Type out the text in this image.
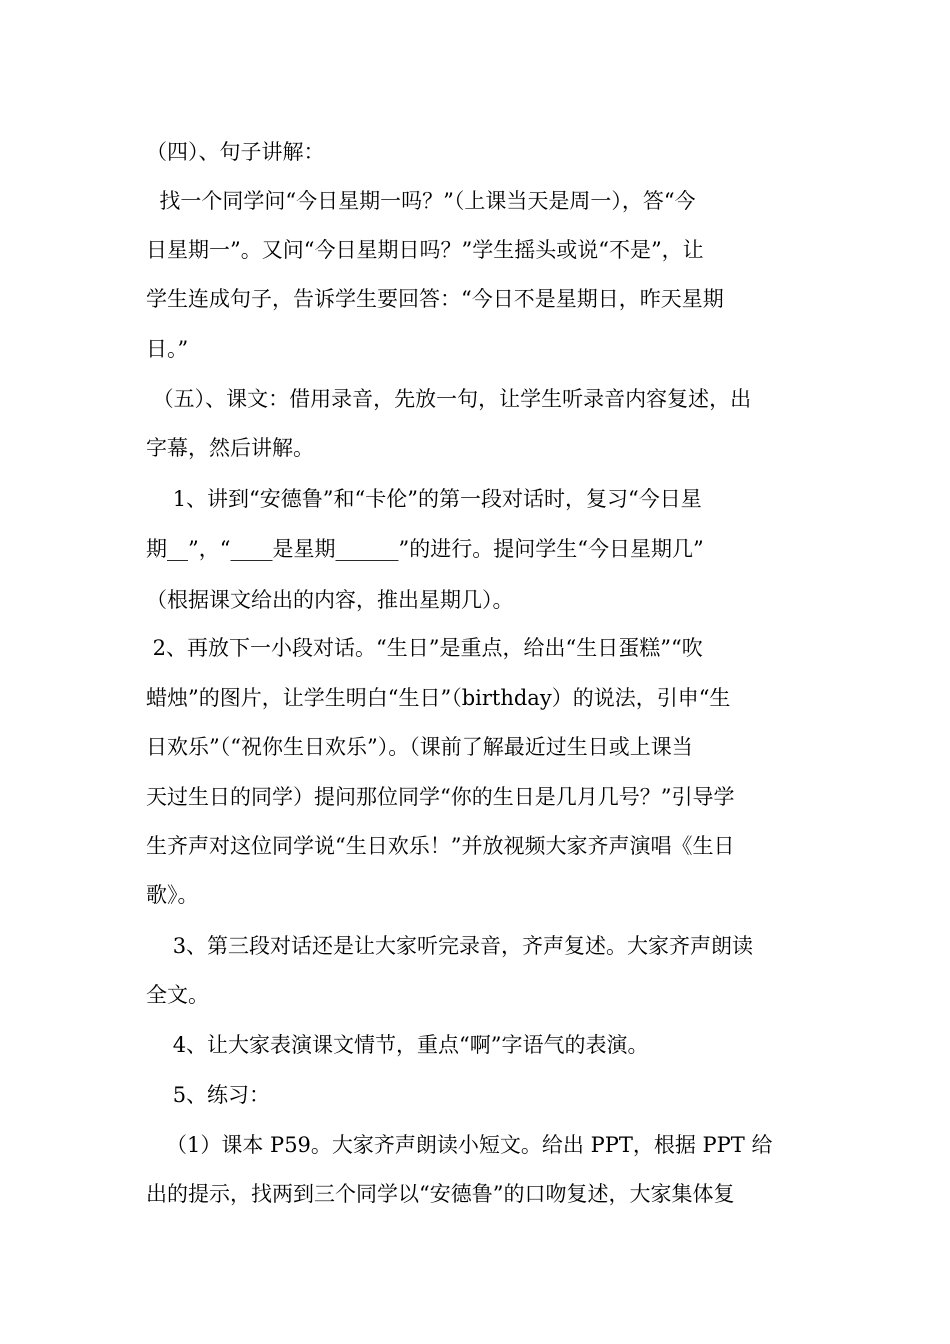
（四）、句子讲解：
找一个同学问“今日星期一吗？”（上课当天是周一），答“今
日星期一”。又问“今日星期日吗？”学生摇头或说“不是”，让
学生连成句子，告诉学生要回答：“今日不是星期日，昨天星期
日。”
（五）、课文：借用录音，先放一句，让学生听录音内容复述，出
字幕，然后讲解。
1、讲到“安德鲁”和“卡伦”的第一段对话时，复习“今日星
期__”，“____是星期______”的进行。提问学生“今日星期几”
（根据课文给出的内容，推出星期几）。
2、再放下一小段对话。“生日”是重点，给出“生日蛋糕”“吹
蜡烛”的图片，让学生明白“生日”（birthday）的说法，引申“生
日欢乐”（“祝你生日欢乐”）。（课前了解最近过生日或上课当
天过生日的同学）提问那位同学“你的生日是几月几号？”引导学
生齐声对这位同学说“生日欢乐！”并放视频大家齐声演唱《生日
歌》。
3、第三段对话还是让大家听完录音，齐声复述。大家齐声朗读
全文。
4、让大家表演课文情节，重点“啊”字语气的表演。
5、练习：
（1）课本 P59。大家齐声朗读小短文。给出 PPT，根据 PPT 给
出的提示，找两到三个同学以“安德鲁”的口吻复述，大家集体复
